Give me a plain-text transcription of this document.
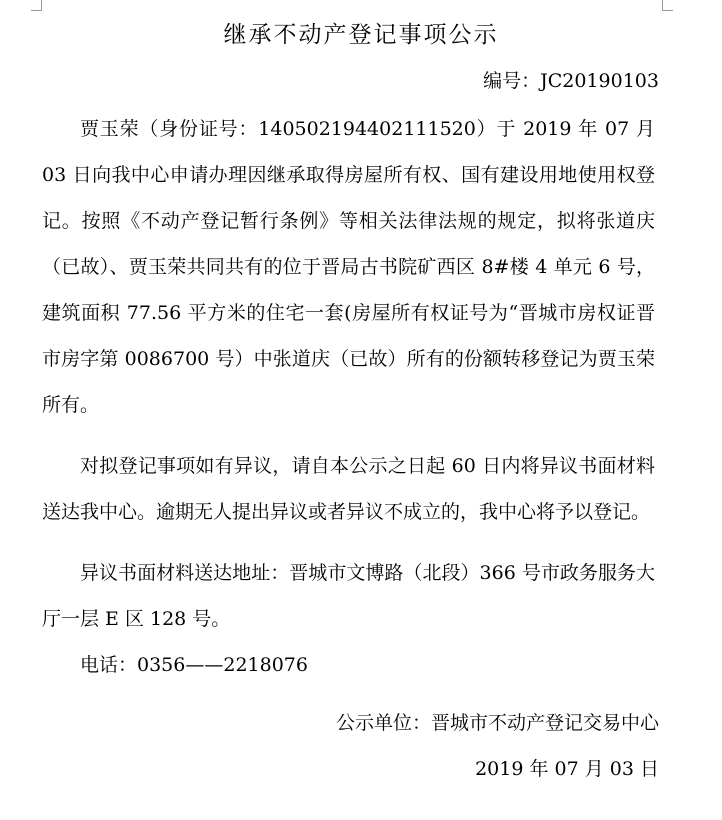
继承不动产登记事项公示
编号：JC20190103

贾玉荣（身份证号：140502194402111520）于 2019 年 07 月 03 日向我中心申请办理因继承取得房屋所有权、国有建设用地使用权登记。按照《不动产登记暂行条例》等相关法律法规的规定，拟将张道庆（已故）、贾玉荣共同共有的位于晋局古书院矿西区 8#楼 4 单元 6 号，建筑面积 77.56 平方米的住宅一套(房屋所有权证号为“晋城市房权证晋市房字第 0086700 号）中张道庆（已故）所有的份额转移登记为贾玉荣所有。

对拟登记事项如有异议，请自本公示之日起 60 日内将异议书面材料送达我中心。逾期无人提出异议或者异议不成立的，我中心将予以登记。

异议书面材料送达地址：晋城市文博路（北段）366 号市政务服务大厅一层 E 区 128 号。

电话：0356——2218076

公示单位：晋城市不动产登记交易中心
2019 年 07 月 03 日
